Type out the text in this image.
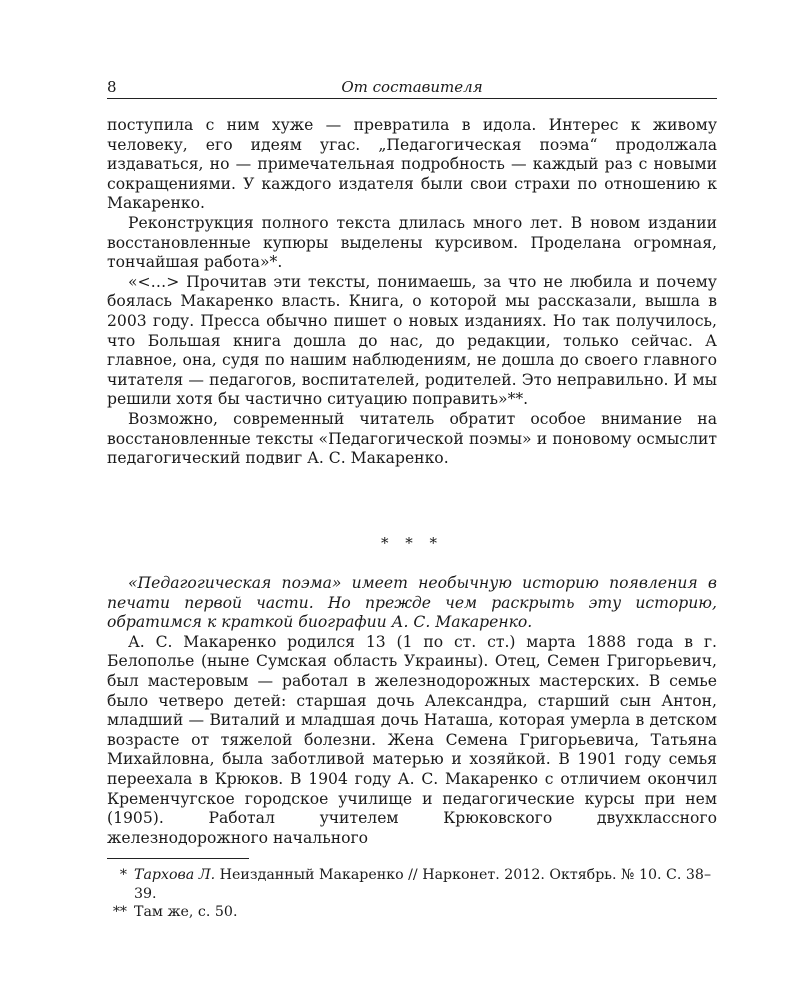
8	От составителя

поступила с ним хуже — превратила в идола. Интерес к живому человеку, его идеям угас. „Педагогическая поэма“ продолжала издаваться, но — примечательная подробность — каждый раз с новыми сокращениями. У каждого издателя были свои страхи по отношению к Макаренко.

Реконструкция полного текста длилась много лет. В новом издании восстановленные купюры выделены курсивом. Проделана огромная, тончайшая работа»*.

«<…> Прочитав эти тексты, понимаешь, за что не любила и почему боялась Макаренко власть. Книга, о которой мы рассказали, вышла в 2003 году. Пресса обычно пишет о новых изданиях. Но так получилось, что Большая книга дошла до нас, до редакции, только сейчас. А главное, она, судя по нашим наблюдениям, не дошла до своего главного читателя — педагогов, воспитателей, родителей. Это неправильно. И мы решили хотя бы частично ситуацию поправить»**.

Возможно, современный читатель обратит особое внимание на восстановленные тексты «Педагогической поэмы» и поновому осмыслит педагогический подвиг А. С. Макаренко.

* * *

«Педагогическая поэма» имеет необычную историю появления в печати первой части. Но прежде чем раскрыть эту историю, обратимся к краткой биографии А. С. Макаренко.

А. С. Макаренко родился 13 (1 по ст. ст.) марта 1888 года в г. Белополье (ныне Сумская область Украины). Отец, Семен Григорьевич, был мастеровым — работал в железнодорожных мастерских. В семье было четверо детей: старшая дочь Александра, старший сын Антон, младший — Виталий и младшая дочь Наташа, которая умерла в детском возрасте от тяжелой болезни. Жена Семена Григорьевича, Татьяна Михайловна, была заботливой матерью и хозяйкой. В 1901 году семья переехала в Крюков. В 1904 году А. С. Макаренко с отличием окончил Кременчугское городское училище и педагогические курсы при нем (1905). Работал учителем Крюковского двухклассного железнодорожного начального

* Тархова Л. Неизданный Макаренко // Нарконет. 2012. Октябрь. № 10. С. 38–39.
** Там же, с. 50.
